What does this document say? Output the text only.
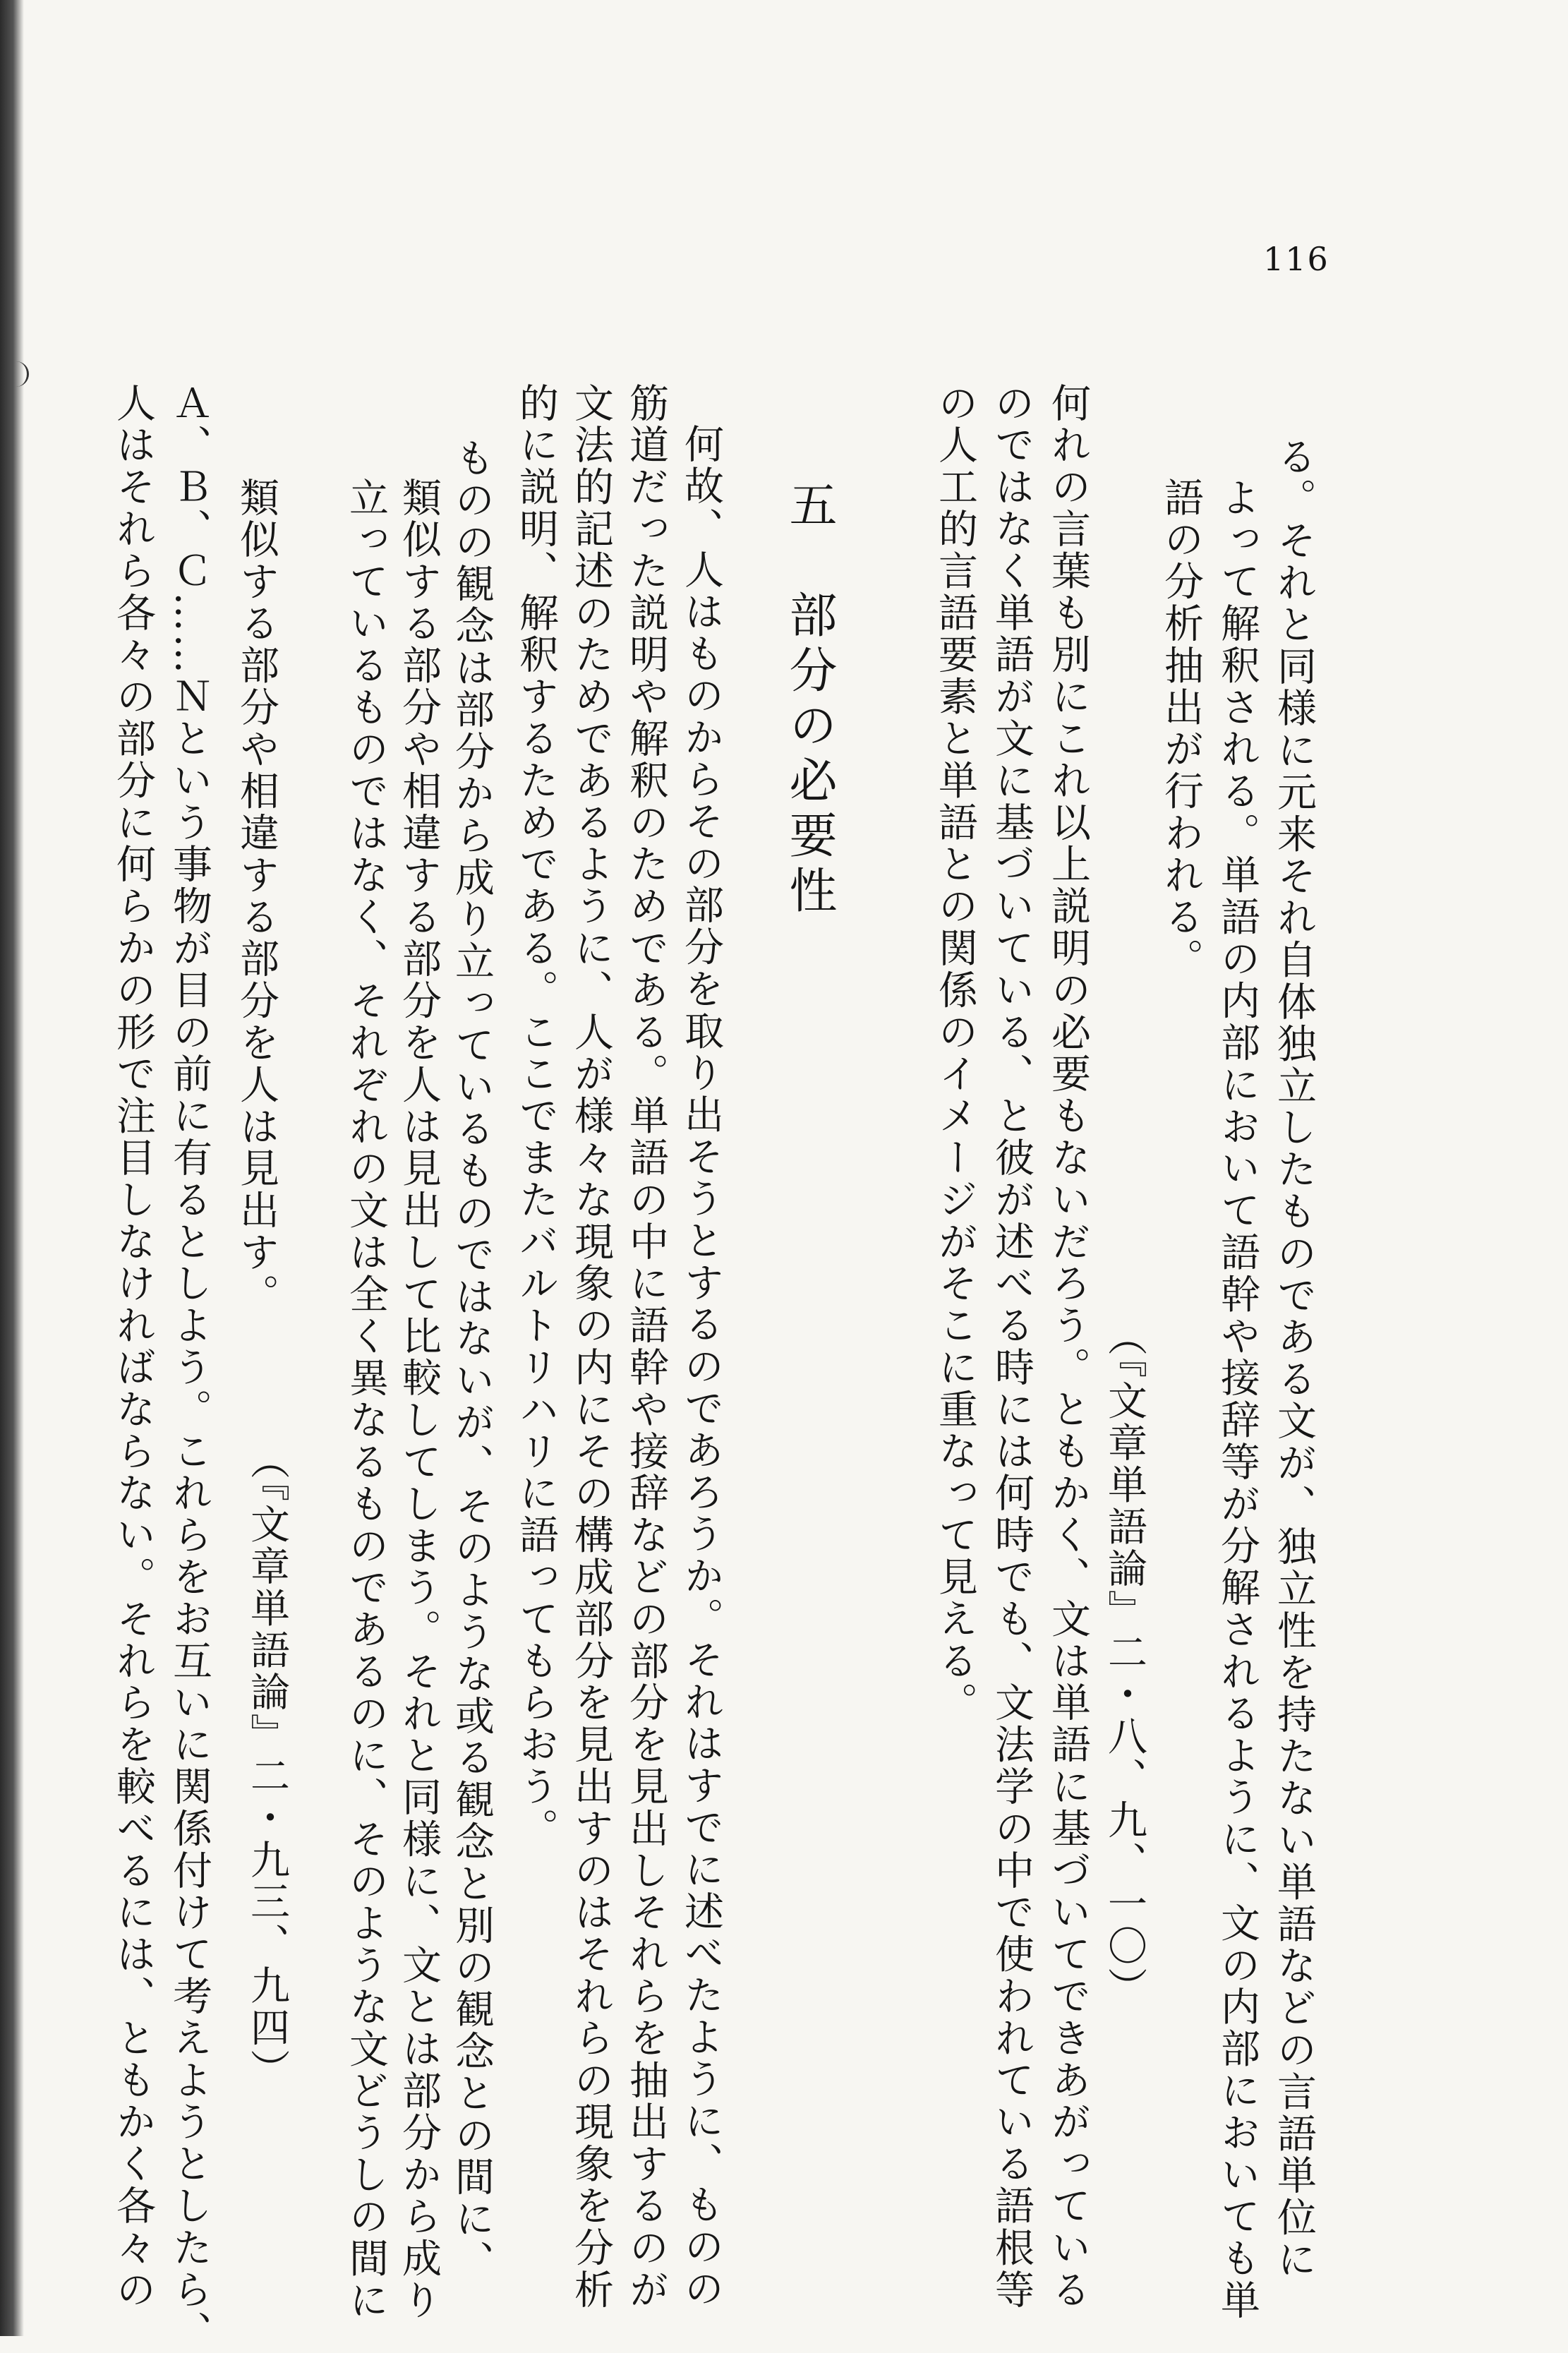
116
る。それと同様に元来それ自体独立したものである文が、独立性を持たない単語などの言語単位に
よって解釈される。単語の内部において語幹や接辞等が分解されるように、文の内部においても単
語の分析抽出が行われる。
（『文章単語論』二・八、九、一〇）
何れの言葉も別にこれ以上説明の必要もないだろう。ともかく、文は単語に基づいてできあがっている
のではなく単語が文に基づいている、と彼が述べる時には何時でも、文法学の中で使われている語根等
の人工的言語要素と単語との関係のイメージがそこに重なって見える。
五　部分の必要性
何故、人はものからその部分を取り出そうとするのであろうか。それはすでに述べたように、ものの
筋道だった説明や解釈のためである。単語の中に語幹や接辞などの部分を見出しそれらを抽出するのが
文法的記述のためであるように、人が様々な現象の内にその構成部分を見出すのはそれらの現象を分析
的に説明、解釈するためである。ここでまたバルトリハリに語ってもらおう。
ものの観念は部分から成り立っているものではないが、そのような或る観念と別の観念との間に、
類似する部分や相違する部分を人は見出して比較してしまう。それと同様に、文とは部分から成り
立っているものではなく、それぞれの文は全く異なるものであるのに、そのような文どうしの間に
類似する部分や相違する部分を人は見出す。
（『文章単語論』二・九三、九四）
Ａ、Ｂ、Ｃ……Ｎという事物が目の前に有るとしよう。これらをお互いに関係付けて考えようとしたら、
人はそれら各々の部分に何らかの形で注目しなければならない。それらを較べるには、ともかく各々の
